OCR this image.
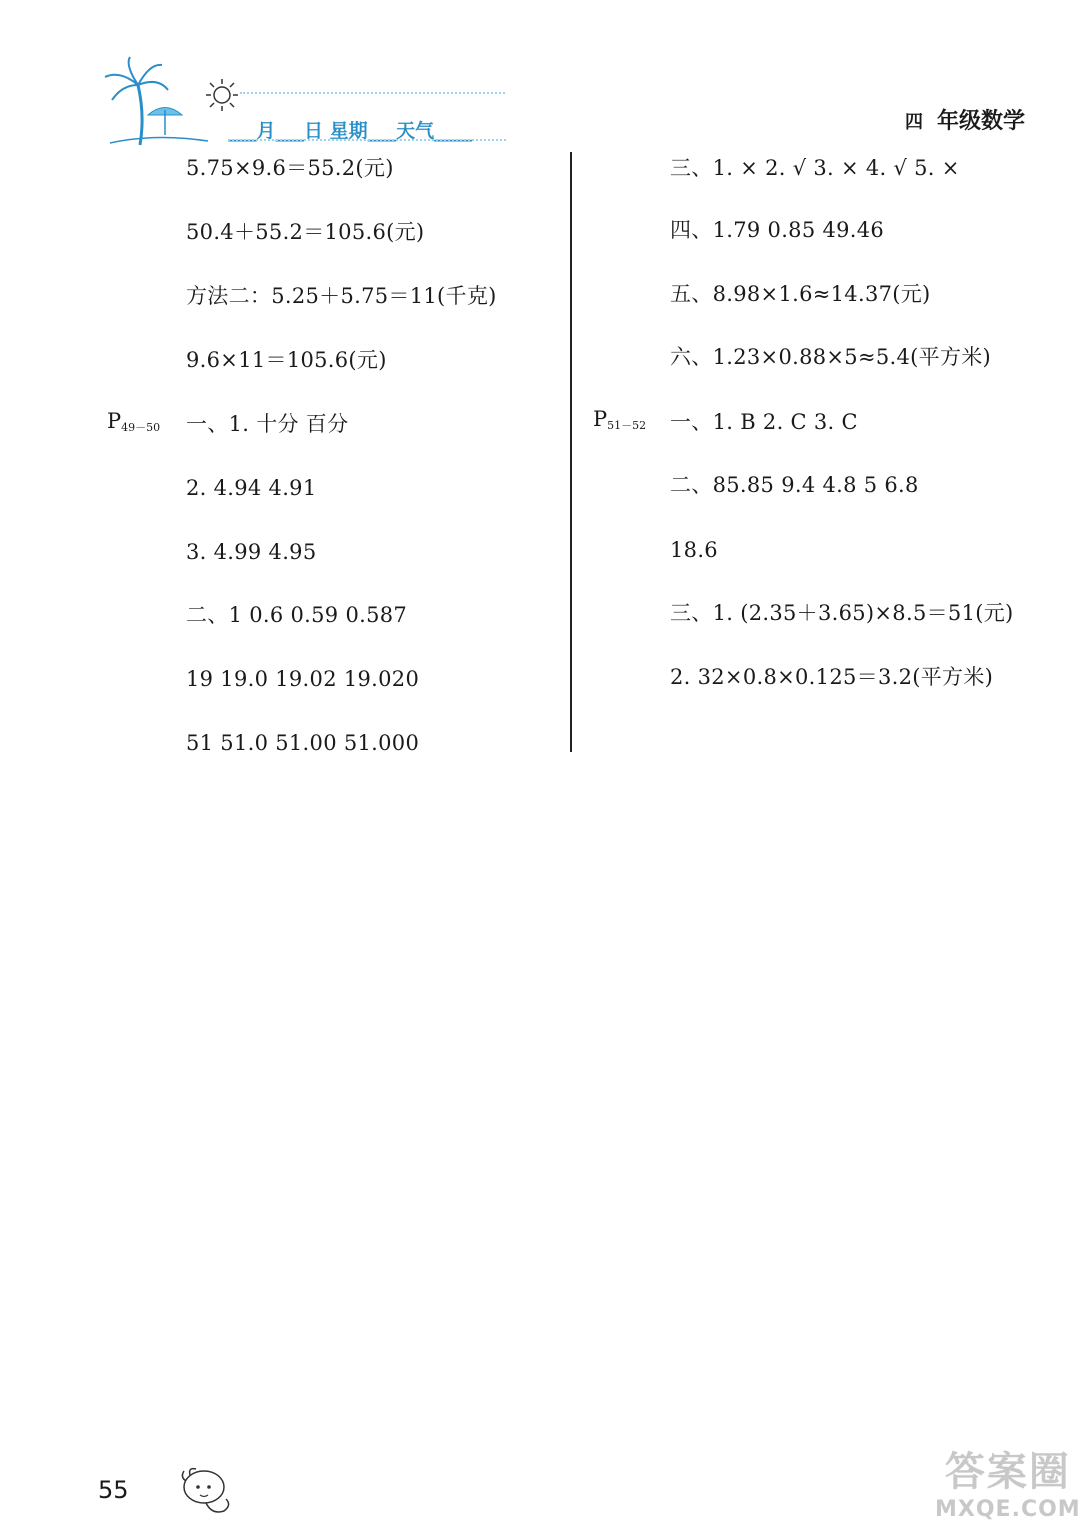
___月___日 星期___天气____	四 年级数学
5.75×9.6＝55.2(元)
50.4＋55.2＝105.6(元)
方法二：5.25＋5.75＝11(千克)
9.6×11＝105.6(元)
$P_{49-50}$ 一、1. 十分 百分
2. 4.94 4.91
3. 4.99 4.95
二、1 0.6 0.59 0.587
19 19.0 19.02 19.020
51 51.0 51.00 51.000
三、1. × 2. √ 3. × 4. √ 5. ×
四、1.79 0.85 49.46
五、8.98×1.6≈14.37(元)
六、1.23×0.88×5≈5.4(平方米)
$P_{51-52}$ 一、1. B 2. C 3. C
二、85.85 9.4 4.8 5 6.8
18.6
三、1. (2.35＋3.65)×8.5＝51(元)
2. 32×0.8×0.125＝3.2(平方米)
55	答案圈
MXQE.COM
